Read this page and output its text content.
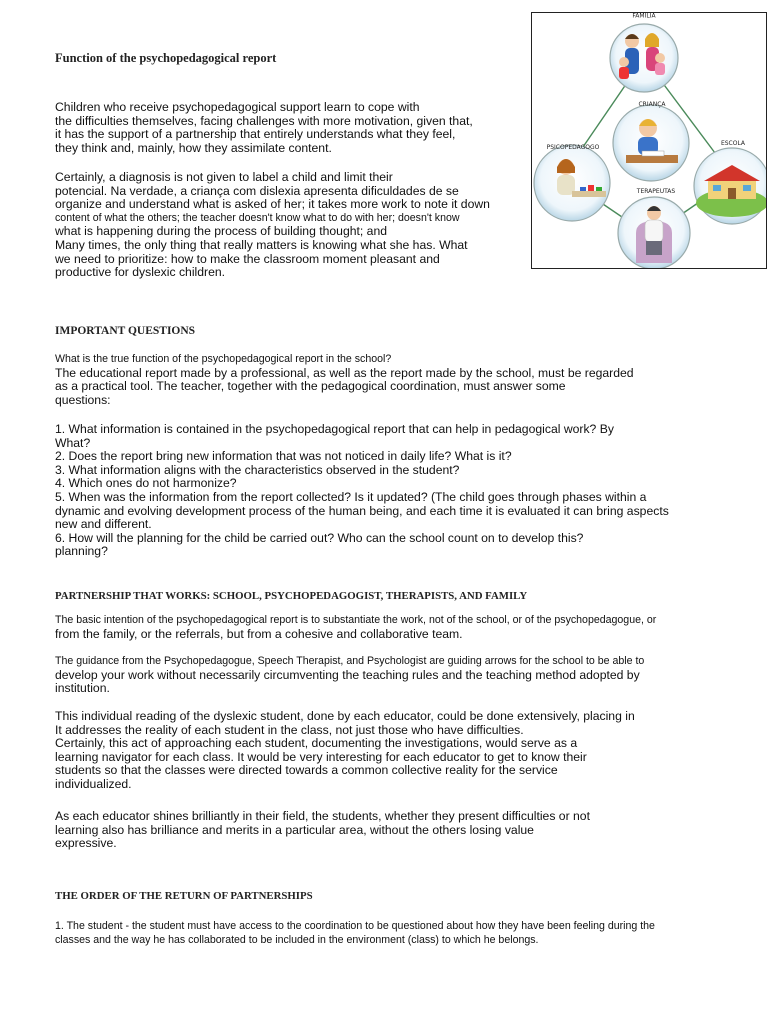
Function of the psychopedagogical report

Children who receive psychopedagogical support learn to cope with
the difficulties themselves, facing challenges with more motivation, given that,
it has the support of a partnership that entirely understands what they feel,
they think and, mainly, how they assimilate content.

Certainly, a diagnosis is not given to label a child and limit their
potencial. Na verdade, a criança com dislexia apresenta dificuldades de se
organize and understand what is asked of her; it takes more work to note it down
content of what the others; the teacher doesn't know what to do with her; doesn't know
what is happening during the process of building thought; and
Many times, the only thing that really matters is knowing what she has. What
we need to prioritize: how to make the classroom moment pleasant and
productive for dyslexic children.

FAMÍLIA
CRIANÇA
PSICOPEDAGOGO
ESCOLA
TERAPEUTAS
IMPORTANT QUESTIONS

What is the true function of the psychopedagogical report in the school?
The educational report made by a professional, as well as the report made by the school, must be regarded
as a practical tool. The teacher, together with the pedagogical coordination, must answer some
questions:

1. What information is contained in the psychopedagogical report that can help in pedagogical work? By
What?
2. Does the report bring new information that was not noticed in daily life? What is it?
3. What information aligns with the characteristics observed in the student?
4. Which ones do not harmonize?
5. When was the information from the report collected? Is it updated? (The child goes through phases within a
dynamic and evolving development process of the human being, and each time it is evaluated it can bring aspects
new and different.
6. How will the planning for the child be carried out? Who can the school count on to develop this?
planning?

PARTNERSHIP THAT WORKS: SCHOOL, PSYCHOPEDAGOGIST, THERAPISTS, AND FAMILY

The basic intention of the psychopedagogical report is to substantiate the work, not of the school, or of the psychopedagogue, or
from the family, or the referrals, but from a cohesive and collaborative team.

The guidance from the Psychopedagogue, Speech Therapist, and Psychologist are guiding arrows for the school to be able to
develop your work without necessarily circumventing the teaching rules and the teaching method adopted by
institution.

This individual reading of the dyslexic student, done by each educator, could be done extensively, placing in
It addresses the reality of each student in the class, not just those who have difficulties.
Certainly, this act of approaching each student, documenting the investigations, would serve as a
learning navigator for each class. It would be very interesting for each educator to get to know their
students so that the classes were directed towards a common collective reality for the service
individualized.

As each educator shines brilliantly in their field, the students, whether they present difficulties or not
learning also has brilliance and merits in a particular area, without the others losing value
expressive.

THE ORDER OF THE RETURN OF PARTNERSHIPS

1. The student - the student must have access to the coordination to be questioned about how they have been feeling during the
classes and the way he has collaborated to be included in the environment (class) to which he belongs.
